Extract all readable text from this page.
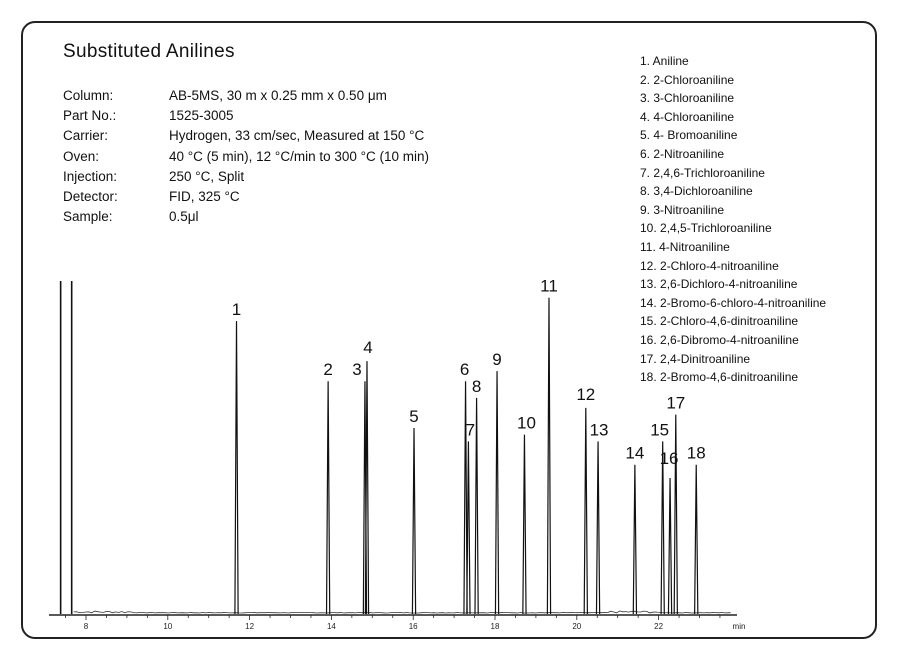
Substituted Anilines
Column:	AB-5MS, 30 m x 0.25 mm x 0.50 μm
Part No.:	1525-3005
Carrier:	Hydrogen, 33 cm/sec, Measured at 150 °C
Oven:	40 °C (5 min), 12 °C/min to 300 °C (10 min)
Injection:	250 °C, Split
Detector:	FID, 325 °C
Sample:	0.5μl
1. Aniline
2. 2-Chloroaniline
3. 3-Chloroaniline
4. 4-Chloroaniline
5. 4- Bromoaniline
6. 2-Nitroaniline
7. 2,4,6-Trichloroaniline
8. 3,4-Dichloroaniline
9. 3-Nitroaniline
10. 2,4,5-Trichloroaniline
11. 4-Nitroaniline
12. 2-Chloro-4-nitroaniline
13. 2,6-Dichloro-4-nitroaniline
14. 2-Bromo-6-chloro-4-nitroaniline
15. 2-Chloro-4,6-dinitroaniline
16. 2,6-Dibromo-4-nitroaniline
17. 2,4-Dinitroaniline
18. 2-Bromo-4,6-dinitroaniline
8	10	12	14	16	18	20	22	min
1
2 3
4
5
6
7
8
9
10
11
12
13
14
15
16
17
18
